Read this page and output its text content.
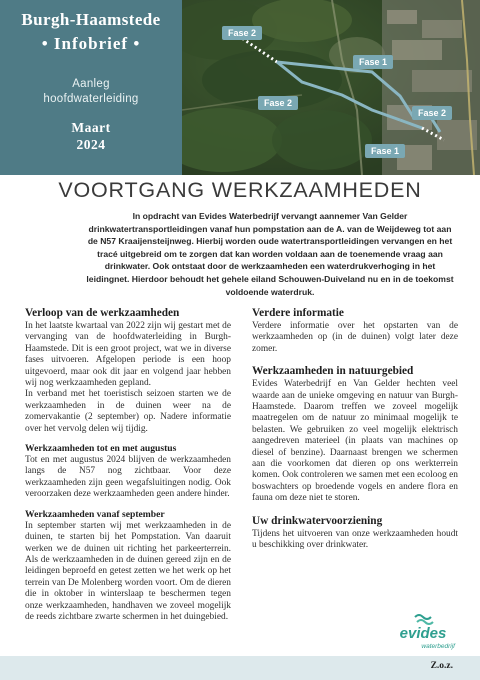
Burgh-Haamstede
• Infobrief •
Aanleg
hoofdwaterleiding
Maart
2024
Fase 2
Fase 1
Fase 2
Fase 2
Fase 1
VOORTGANG WERKZAAMHEDEN
In opdracht van Evides Waterbedrijf vervangt aannemer Van Gelder drinkwatertransportleidingen vanaf hun pompstation aan de A. van de Weijdeweg tot aan de N57 Kraaijensteijnweg. Hierbij worden oude watertransportleidingen vervangen en het tracé uitgebreid om te zorgen dat kan worden voldaan aan de toenemende vraag aan drinkwater. Ook ontstaat door de werkzaamheden een waterdrukverhoging in het leidingnet. Hierdoor behoudt het gehele eiland Schouwen-Duiveland nu en in de toekomst voldoende waterdruk.
Verloop van de werkzaamheden
In het laatste kwartaal van 2022 zijn wij gestart met de vervanging van de hoofdwaterleiding in Burgh-Haamstede. Dit is een groot project, wat we in diverse fases uitvoeren. Afgelopen periode is een hoop uitgevoerd, maar ook dit jaar en volgend jaar hebben wij nog werkzaamheden gepland.
In verband met het toeristisch seizoen starten we de werkzaamheden in de duinen weer na de zomervakantie (2 september) op. Nadere informatie over het vervolg delen wij tijdig.
Werkzaamheden tot en met augustus
Tot en met augustus 2024 blijven de werkzaamheden langs de N57 nog zichtbaar. Voor deze werkzaamheden zijn geen wegafsluitingen nodig. Ook veroorzaken deze werkzaamheden geen andere hinder.
Werkzaamheden vanaf september
In september starten wij met werkzaamheden in de duinen, te starten bij het Pompstation. Van daaruit werken we de duinen uit richting het parkeerterrein. Als de werkzaamheden in de duinen gereed zijn en de leidingen beproefd en getest zetten we het werk op het terrein van De Molenberg worden voort. Om de dieren die in oktober in winterslaap te beschermen tegen onze werkzaamheden, handhaven we zoveel mogelijk de reeds zichtbare zwarte schermen in het duingebied.
Verdere informatie
Verdere informatie over het opstarten van de werkzaamheden op (in de duinen) volgt later deze zomer.
Werkzaamheden in natuurgebied
Evides Waterbedrijf en Van Gelder hechten veel waarde aan de unieke omgeving en natuur van Burgh-Haamstede. Daarom treffen we zoveel mogelijk maatregelen om de natuur zo minimaal mogelijk te belasten. We gebruiken zo veel mogelijk elektrisch aangedreven materieel (in plaats van machines op diesel of benzine). Daarnaast brengen we schermen aan die voorkomen dat dieren op ons werkterrein komen. Ook controleren we samen met een ecoloog en boswachters op broedende vogels en andere flora en fauna om deze niet te storen.
Uw drinkwatervoorziening
Tijdens het uitvoeren van onze werkzaamheden houdt u beschikking over drinkwater.
evides
waterbedrijf
Z.o.z.
